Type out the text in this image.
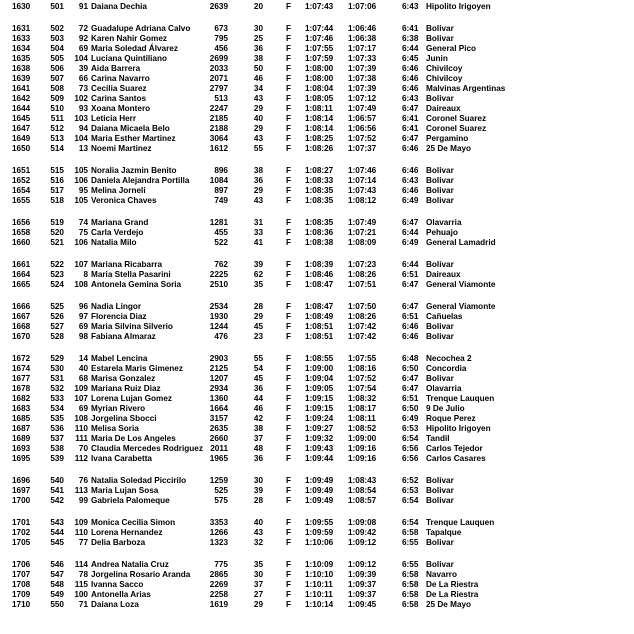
1630	501	91 Daiana Dechia	2639	20	F 1:07:43 1:07:06	6:43 Hipolito Irigoyen
1631	502	72 Guadalupe Adriana Calvo	673	30	F 1:07:44 1:06:46	6:41 Bolivar
1633	503	92 Karen Nahir Gomez	795	25	F 1:07:46 1:06:38	6:38 Bolivar
1634	504	69 Maria Soledad Álvarez	456	36	F 1:07:55 1:07:17	6:44 General Pico
1635	505	104 Luciana Quintiliano	2699	38	F 1:07:59 1:07:33	6:45 Junin
1638	506	39 Aida Barrera	2033	50	F 1:08:00 1:07:39	6:46 Chivilcoy
1639	507	66 Carina Navarro	2071	46	F 1:08:00 1:07:38	6:46 Chivilcoy
1641	508	73 Cecilia Suarez	2797	34	F 1:08:04 1:07:39	6:46 Malvinas Argentinas
1642	509	102 Carina Santos	513	43	F 1:08:05 1:07:12	6:43 Bolivar
1644	510	93 Xoana Montero	2247	29	F 1:08:11 1:07:49	6:47 Daireaux
1645	511	103 Leticia Herr	2185	40	F 1:08:14 1:06:57	6:41 Coronel Suarez
1647	512	94 Daiana Micaela Belo	2188	29	F 1:08:14 1:06:56	6:41 Coronel Suarez
1649	513	104 Maria Esther Martinez	3064	43	F 1:08:25 1:07:52	6:47 Pergamino
1650	514	13 Noemi Martinez	1612	55	F 1:08:26 1:07:37	6:46 25 De Mayo
1651	515	105 Noralia Jazmin Benito	896	38	F 1:08:27 1:07:46	6:46 Bolivar
1652	516	106 Daniela Alejandra Portilla	1084	36	F 1:08:33 1:07:14	6:43 Bolivar
1654	517	95 Melina Jorneli	897	29	F 1:08:35 1:07:43	6:46 Bolivar
1655	518	105 Veronica Chaves	749	43	F 1:08:35 1:08:12	6:49 Bolivar
1656	519	74 Mariana Grand	1281	31	F 1:08:35 1:07:49	6:47 Olavarria
1658	520	75 Carla Verdejo	455	33	F 1:08:36 1:07:21	6:44 Pehuajo
1660	521	106 Natalia Milo	522	41	F 1:08:38 1:08:09	6:49 General Lamadrid
1661	522	107 Mariana Ricabarra	762	39	F 1:08:39 1:07:23	6:44 Bolivar
1664	523	8 Maria Stella Pasarini	2225	62	F 1:08:46 1:08:26	6:51 Daireaux
1665	524	108 Antonela Gemina Soria	2510	35	F 1:08:47 1:07:51	6:47 General Viamonte
1666	525	96 Nadia Lingor	2534	28	F 1:08:47 1:07:50	6:47 General Viamonte
1667	526	97 Florencia Diaz	1930	29	F 1:08:49 1:08:26	6:51 Cañuelas
1668	527	69 Maria Silvina Silverio	1244	45	F 1:08:51 1:07:42	6:46 Bolivar
1670	528	98 Fabiana Almaraz	476	23	F 1:08:51 1:07:42	6:46 Bolivar
1672	529	14 Mabel Lencina	2903	55	F 1:08:55 1:07:55	6:48 Necochea 2
1674	530	40 Estarela Maris Gimenez	2125	54	F 1:09:00 1:08:16	6:50 Concordia
1677	531	68 Marisa Gonzalez	1207	45	F 1:09:04 1:07:52	6:47 Bolivar
1678	532	109 Mariana Ruiz Diaz	2934	36	F 1:09:05 1:07:54	6:47 Olavarria
1682	533	107 Lorena Lujan Gomez	1360	44	F 1:09:15 1:08:32	6:51 Trenque Lauquen
1683	534	69 Myrian Rivero	1664	46	F 1:09:15 1:08:17	6:50 9 De Julio
1685	535	108 Jorgelina Sbocci	3157	42	F 1:09:24 1:08:11	6:49 Roque Perez
1687	536	110 Melisa Soria	2635	38	F 1:09:27 1:08:52	6:53 Hipolito Irigoyen
1689	537	111 Maria De Los Angeles	2660	37	F 1:09:32 1:09:00	6:54 Tandil
1693	538	70 Claudia Mercedes Rodriguez 2011	48	F 1:09:43 1:09:16	6:56 Carlos Tejedor
1695	539	112 Ivana Carabetta	1965	36	F 1:09:44 1:09:16	6:56 Carlos Casares
1696	540	76 Natalia Soledad Piccirilo	1259	30	F 1:09:49 1:08:43	6:52 Bolivar
1697	541	113 Maria Lujan Sosa	525	39	F 1:09:49 1:08:54	6:53 Bolivar
1700	542	99 Gabriela Palomeque	575	28	F 1:09:49 1:08:57	6:54 Bolivar
1701	543	109 Monica Cecilia Simon	3353	40	F 1:09:55 1:09:08	6:54 Trenque Lauquen
1702	544	110 Lorena Hernandez	1266	43	F 1:09:59 1:09:42	6:58 Tapalque
1705	545	77 Delia Barboza	1323	32	F 1:10:06 1:09:12	6:55 Bolivar
1706	546	114 Andrea Natalia Cruz	775	35	F 1:10:09 1:09:12	6:55 Bolivar
1707	547	78 Jorgelina Rosario Aranda	2865	30	F 1:10:10 1:09:39	6:58 Navarro
1708	548	115 Ivanna Sacco	2269	37	F 1:10:11 1:09:37	6:58 De La Riestra
1709	549	100 Antonella Arias	2258	27	F 1:10:11 1:09:37	6:58 De La Riestra
1710	550	71 Daiana Loza	1619	29	F 1:10:14 1:09:45	6:58 25 De Mayo
